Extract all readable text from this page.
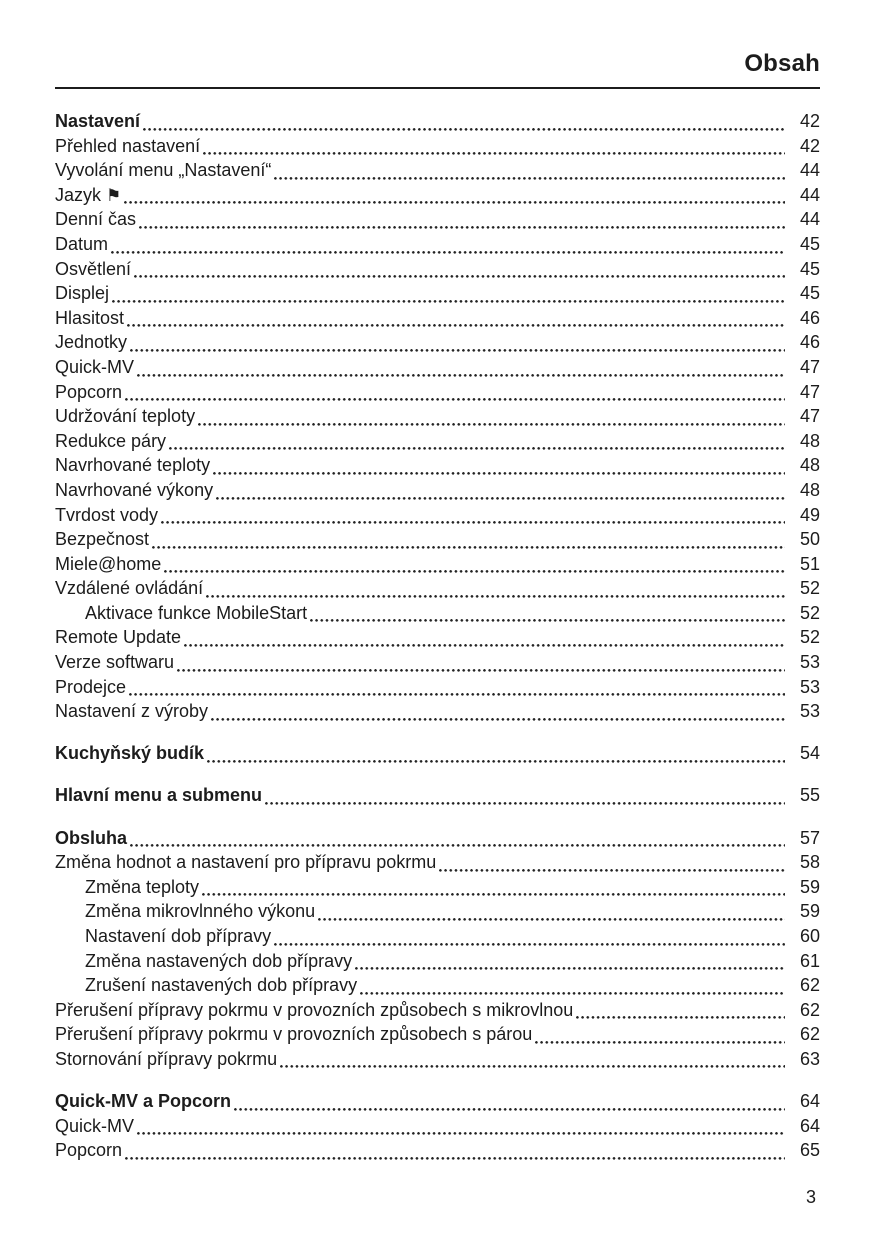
Obsah
Nastavení	42
Přehled nastavení	42
Vyvolání menu „Nastavení“	44
Jazyk ⚑	44
Denní čas	44
Datum	45
Osvětlení	45
Displej	45
Hlasitost	46
Jednotky	46
Quick-MV	47
Popcorn	47
Udržování teploty	47
Redukce páry	48
Navrhované teploty	48
Navrhované výkony	48
Tvrdost vody	49
Bezpečnost	50
Miele@home	51
Vzdálené ovládání	52
Aktivace funkce MobileStart	52
Remote Update	52
Verze softwaru	53
Prodejce	53
Nastavení z výroby	53
Kuchyňský budík	54
Hlavní menu a submenu	55
Obsluha	57
Změna hodnot a nastavení pro přípravu pokrmu	58
Změna teploty	59
Změna mikrovlnného výkonu	59
Nastavení dob přípravy	60
Změna nastavených dob přípravy	61
Zrušení nastavených dob přípravy	62
Přerušení přípravy pokrmu v provozních způsobech s mikrovlnou	62
Přerušení přípravy pokrmu v provozních způsobech s párou	62
Stornování přípravy pokrmu	63
Quick-MV a Popcorn	64
Quick-MV	64
Popcorn	65
3
